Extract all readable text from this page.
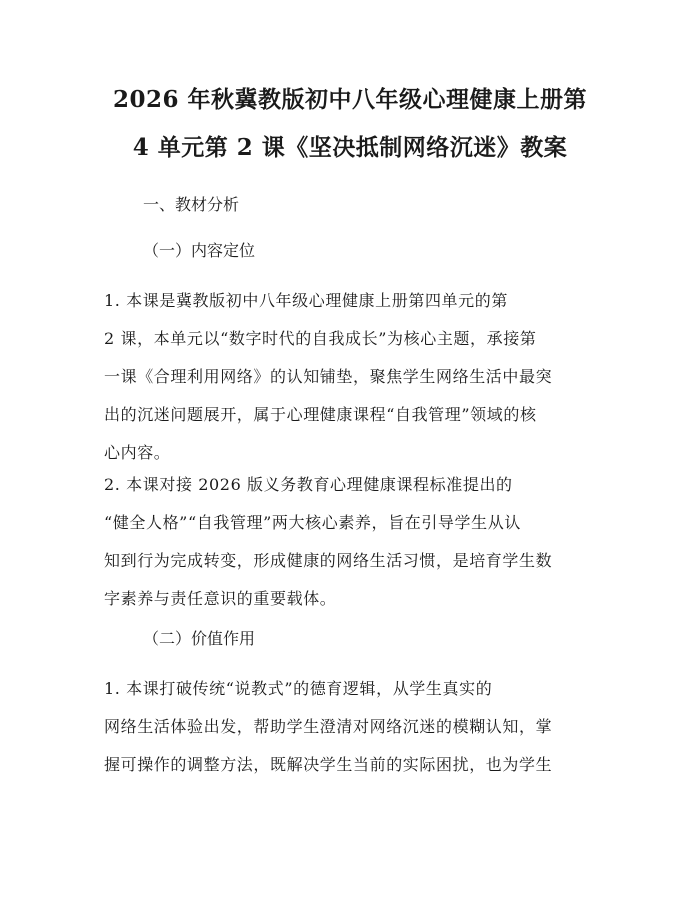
2026 年秋冀教版初中八年级心理健康上册第
4 单元第 2 课《坚决抵制网络沉迷》教案

一、教材分析

（一）内容定位

1. 本课是冀教版初中八年级心理健康上册第四单元的第
2 课，本单元以“数字时代的自我成长”为核心主题，承接第
一课《合理利用网络》的认知铺垫，聚焦学生网络生活中最突
出的沉迷问题展开，属于心理健康课程“自我管理”领域的核
心内容。
2. 本课对接 2026 版义务教育心理健康课程标准提出的
“健全人格”“自我管理”两大核心素养，旨在引导学生从认
知到行为完成转变，形成健康的网络生活习惯，是培育学生数
字素养与责任意识的重要载体。

（二）价值作用

1. 本课打破传统“说教式”的德育逻辑，从学生真实的
网络生活体验出发，帮助学生澄清对网络沉迷的模糊认知，掌
握可操作的调整方法，既解决学生当前的实际困扰，也为学生
